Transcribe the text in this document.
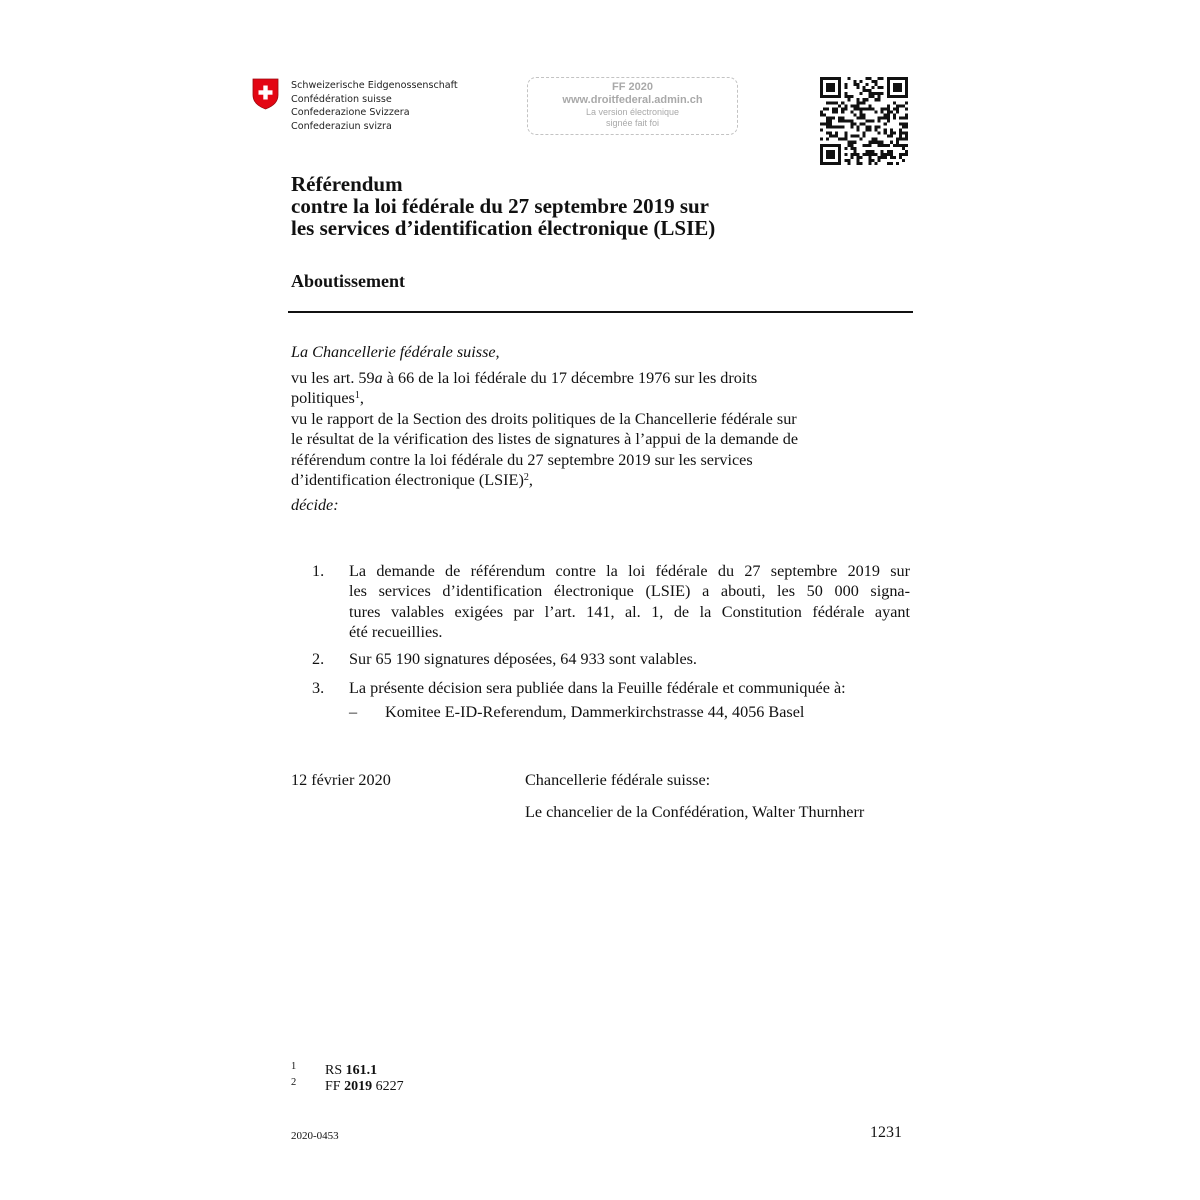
Schweizerische Eidgenossenschaft
Confédération suisse
Confederazione Svizzera
Confederaziun svizra
FF 2020
www.droitfederal.admin.ch
La version électronique
signée fait foi
Référendum
contre la loi fédérale du 27 septembre 2019 sur
les services d’identification électronique (LSIE)
Aboutissement
La Chancellerie fédérale suisse,
vu les art. 59a à 66 de la loi fédérale du 17 décembre 1976 sur les droits
politiques$^1$,
vu le rapport de la Section des droits politiques de la Chancellerie fédérale sur
le résultat de la vérification des listes de signatures à l’appui de la demande de
référendum contre la loi fédérale du 27 septembre 2019 sur les services
d’identification électronique (LSIE)$^2$,
décide:
1. La demande de référendum contre la loi fédérale du 27 septembre 2019 sur
les services d’identification électronique (LSIE) a abouti, les 50 000 signa-
tures valables exigées par l’art. 141, al. 1, de la Constitution fédérale ayant
été recueillies.
2. Sur 65 190 signatures déposées, 64 933 sont valables.
3. La présente décision sera publiée dans la Feuille fédérale et communiquée à:
– Komitee E-ID-Referendum, Dammerkirchstrasse 44, 4056 Basel
12 février 2020	Chancellerie fédérale suisse:
Le chancelier de la Confédération, Walter Thurnherr
1 RS 161.1
2 FF 2019 6227
2020-0453	1231
